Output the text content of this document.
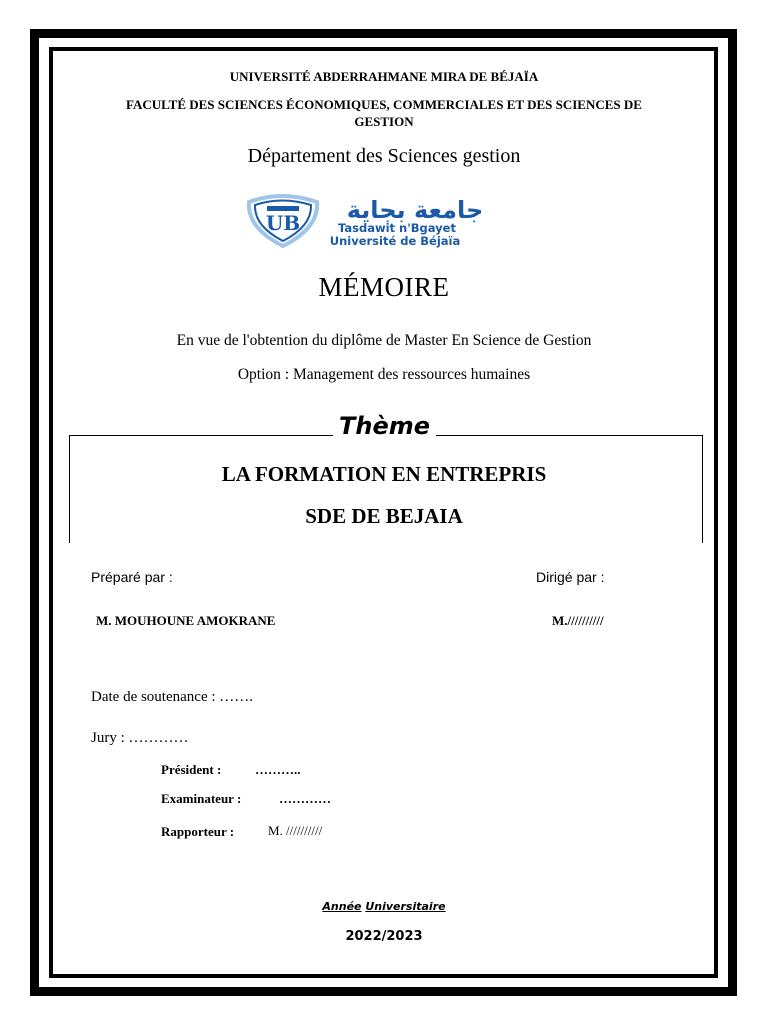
UNIVERSITÉ ABDERRAHMANE MIRA DE BÉJAÏA
FACULTÉ DES SCIENCES ÉCONOMIQUES, COMMERCIALES ET DES SCIENCES DE GESTION
Département des Sciences gestion
UB جامعة بجاية
Tasdawit n'Bgayet
Université de Béjaïa
MÉMOIRE
En vue de l'obtention du diplôme de Master En Science de Gestion
Option : Management des ressources humaines
Thème
LA FORMATION EN ENTREPRIS
SDE DE BEJAIA
Préparé par :	Dirigé par :
M. MOUHOUNE AMOKRANE	M.//////////
Date de soutenance : …….
Jury : …………
Président :	………..
Examinateur :	…………
Rapporteur :	M. //////////
Année Universitaire
2022/2023
